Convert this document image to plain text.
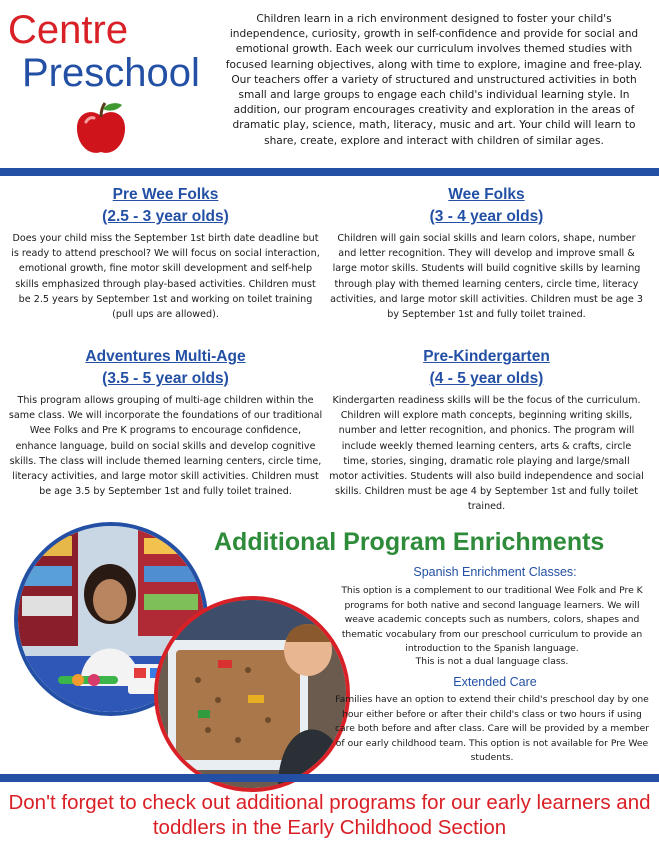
Centre
Preschool
Children learn in a rich environment designed to foster your child's independence, curiosity, growth in self-confidence and provide for social and emotional growth. Each week our curriculum involves themed studies with focused learning objectives, along with time to explore, imagine and free-play. Our teachers offer a variety of structured and unstructured activities in both small and large groups to engage each child's individual learning style. In addition, our program encourages creativity and exploration in the areas of dramatic play, science, math, literacy, music and art. Your child will learn to share, create, explore and interact with children of similar ages.
Pre Wee Folks
(2.5 - 3 year olds)

Does your child miss the September 1st birth date deadline but is ready to attend preschool? We will focus on social interaction, emotional growth, fine motor skill development and self-help skills emphasized through play-based activities. Children must be 2.5 years by September 1st and working on toilet training (pull ups are allowed).

Wee Folks
(3 - 4 year olds)

Children will gain social skills and learn colors, shape, number and letter recognition. They will develop and improve small & large motor skills. Students will build cognitive skills by learning through play with themed learning centers, circle time, literacy activities, and large motor skill activities. Children must be age 3 by September 1st and fully toilet trained.

Adventures Multi-Age
(3.5 - 5 year olds)

This program allows grouping of multi-age children within the same class. We will incorporate the foundations of our traditional Wee Folks and Pre K programs to encourage confidence, enhance language, build on social skills and develop cognitive skills. The class will include themed learning centers, circle time, literacy activities, and large motor skill activities. Children must be age 3.5 by September 1st and fully toilet trained.

Pre-Kindergarten
(4 - 5 year olds)

Kindergarten readiness skills will be the focus of the curriculum. Children will explore math concepts, beginning writing skills, number and letter recognition, and phonics. The program will include weekly themed learning centers, arts & crafts, circle time, stories, singing, dramatic role playing and large/small motor activities. Students will also build independence and social skills. Children must be age 4 by September 1st and fully toilet trained.

Additional Program Enrichments
Spanish Enrichment Classes:
This option is a complement to our traditional Wee Folk and Pre K programs for both native and second language learners. We will weave academic concepts such as numbers, colors, shapes and thematic vocabulary from our preschool curriculum to provide an introduction to the Spanish language.
This is not a dual language class.
Extended Care
Families have an option to extend their child's preschool day by one hour either before or after their child's class or two hours if using care both before and after class. Care will be provided by a member of our early childhood team. This option is not available for Pre Wee students.
Don't forget to check out additional programs for our early learners and toddlers in the Early Childhood Section
